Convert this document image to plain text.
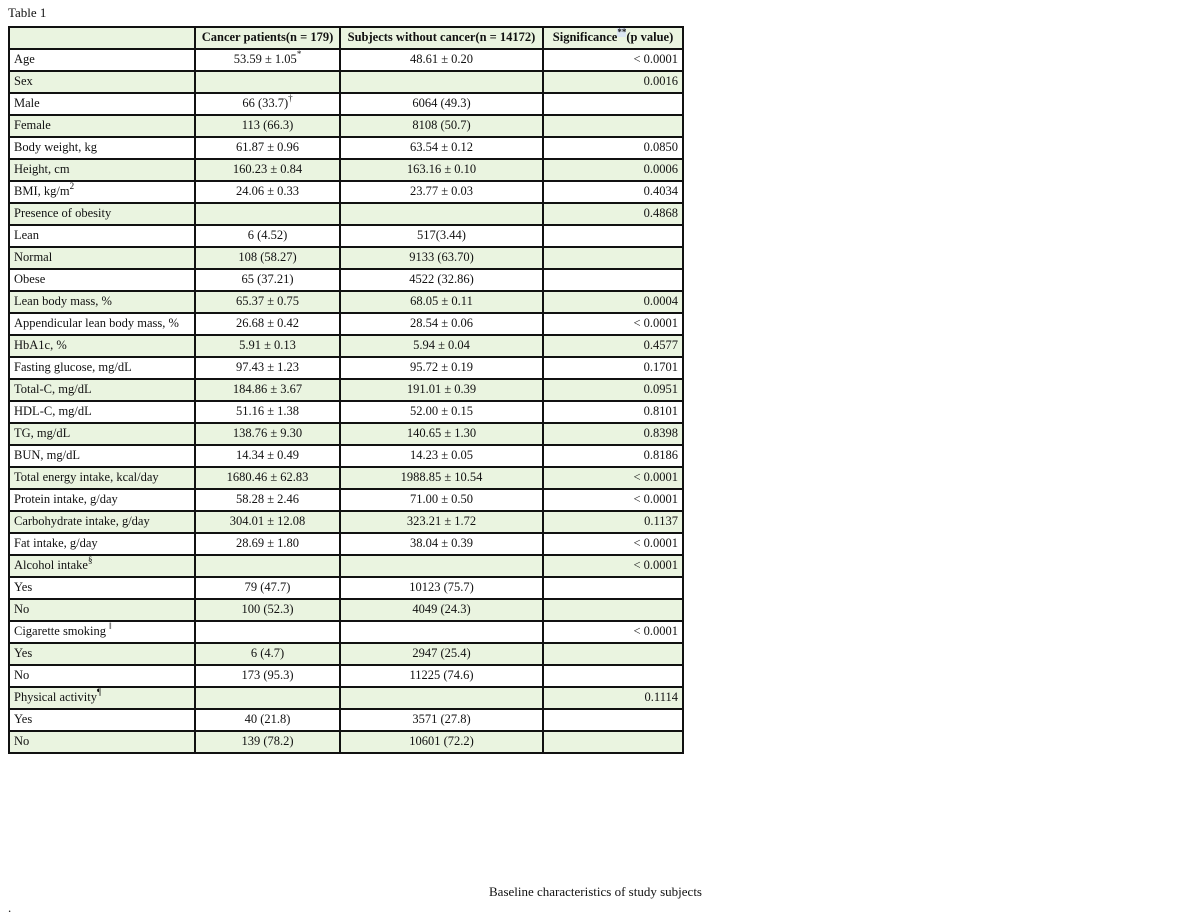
Table 1
	Cancer patients(n = 179)	Subjects without cancer(n = 14172)	Significance**(p value)
Age	53.59 ± 1.05*	48.61 ± 0.20	< 0.0001
Sex			0.0016
Male	66 (33.7)†	6064 (49.3)	
Female	113 (66.3)	8108 (50.7)	
Body weight, kg	61.87 ± 0.96	63.54 ± 0.12	0.0850
Height, cm	160.23 ± 0.84	163.16 ± 0.10	0.0006
BMI, $kg/m^2$	24.06 ± 0.33	23.77 ± 0.03	0.4034
Presence of obesity			0.4868
Lean	6 (4.52)	517(3.44)	
Normal	108 (58.27)	9133 (63.70)	
Obese	65 (37.21)	4522 (32.86)	
Lean body mass, %	65.37 ± 0.75	68.05 ± 0.11	0.0004
Appendicular lean body mass, %	26.68 ± 0.42	28.54 ± 0.06	< 0.0001
HbA1c, %	5.91 ± 0.13	5.94 ± 0.04	0.4577
Fasting glucose, mg/dL	97.43 ± 1.23	95.72 ± 0.19	0.1701
Total-C, mg/dL	184.86 ± 3.67	191.01 ± 0.39	0.0951
HDL-C, mg/dL	51.16 ± 1.38	52.00 ± 0.15	0.8101
TG, mg/dL	138.76 ± 9.30	140.65 ± 1.30	0.8398
BUN, mg/dL	14.34 ± 0.49	14.23 ± 0.05	0.8186
Total energy intake, kcal/day	1680.46 ± 62.83	1988.85 ± 10.54	< 0.0001
Protein intake, g/day	58.28 ± 2.46	71.00 ± 0.50	< 0.0001
Carbohydrate intake, g/day	304.01 ± 12.08	323.21 ± 1.72	0.1137
Fat intake, g/day	28.69 ± 1.80	38.04 ± 0.39	< 0.0001
Alcohol intake§			< 0.0001
Yes	79 (47.7)	10123 (75.7)	
No	100 (52.3)	4049 (24.3)	
Cigarette smoking ‖			< 0.0001
Yes	6 (4.7)	2947 (25.4)	
No	173 (95.3)	11225 (74.6)	
Physical activity¶			0.1114
Yes	40 (21.8)	3571 (27.8)	
No	139 (78.2)	10601 (72.2)	
Baseline characteristics of study subjects
.
